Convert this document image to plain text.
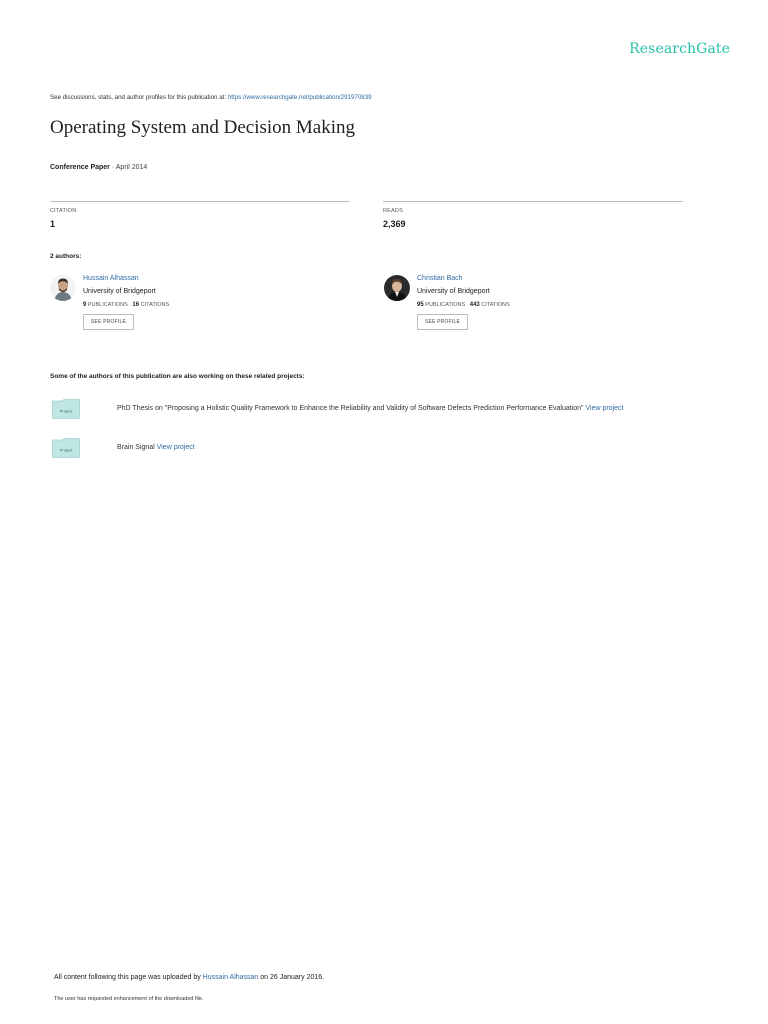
ResearchGate
See discussions, stats, and author profiles for this publication at: https://www.researchgate.net/publication/291970839
Operating System and Decision Making
Conference Paper · April 2014
CITATION
1
READS
2,369
2 authors:
Hussain Alhassan
University of Bridgeport
9 PUBLICATIONS 16 CITATIONS
SEE PROFILE
Christian Bach
University of Bridgeport
95 PUBLICATIONS 443 CITATIONS
SEE PROFILE
Some of the authors of this publication are also working on these related projects:
Project	PhD Thesis on "Proposing a Holistic Quality Framework to Enhance the Reliability and Validity of Software Defects Prediction Performance Evaluation" View project
Project	Brain Signal View project
All content following this page was uploaded by Hussain Alhassan on 26 January 2016.
The user has requested enhancement of the downloaded file.
